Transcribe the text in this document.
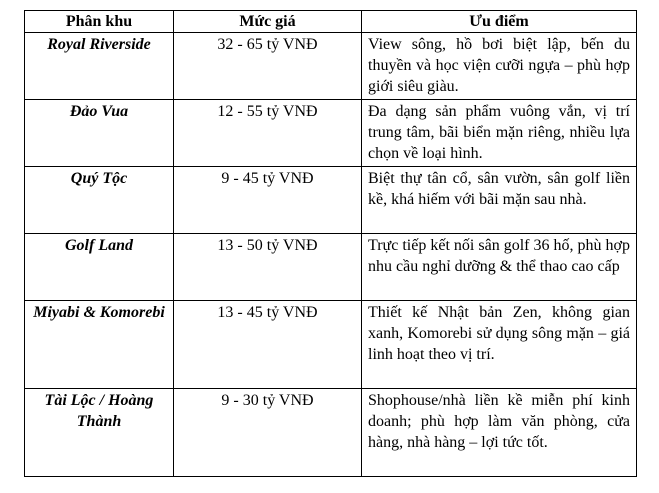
Phân khu	Mức giá	Ưu điểm
Royal Riverside	32 - 65 tỷ VNĐ	View sông, hồ bơi biệt lập, bến du thuyền và học viện cưỡi ngựa – phù hợp giới siêu giàu.
Đảo Vua	12 - 55 tỷ VNĐ	Đa dạng sản phẩm vuông vắn, vị trí trung tâm, bãi biển mặn riêng, nhiều lựa chọn về loại hình.
Quý Tộc	9 - 45 tỷ VNĐ	Biệt thự tân cổ, sân vườn, sân golf liền kề, khá hiếm với bãi mặn sau nhà.
Golf Land	13 - 50 tỷ VNĐ	Trực tiếp kết nối sân golf 36 hố, phù hợp nhu cầu nghỉ dưỡng & thể thao cao cấp
Miyabi & Komorebi	13 - 45 tỷ VNĐ	Thiết kế Nhật bản Zen, không gian xanh, Komorebi sử dụng sông mặn – giá linh hoạt theo vị trí.
Tài Lộc / Hoàng Thành	9 - 30 tỷ VNĐ	Shophouse/nhà liền kề miễn phí kinh doanh; phù hợp làm văn phòng, cửa hàng, nhà hàng – lợi tức tốt.
